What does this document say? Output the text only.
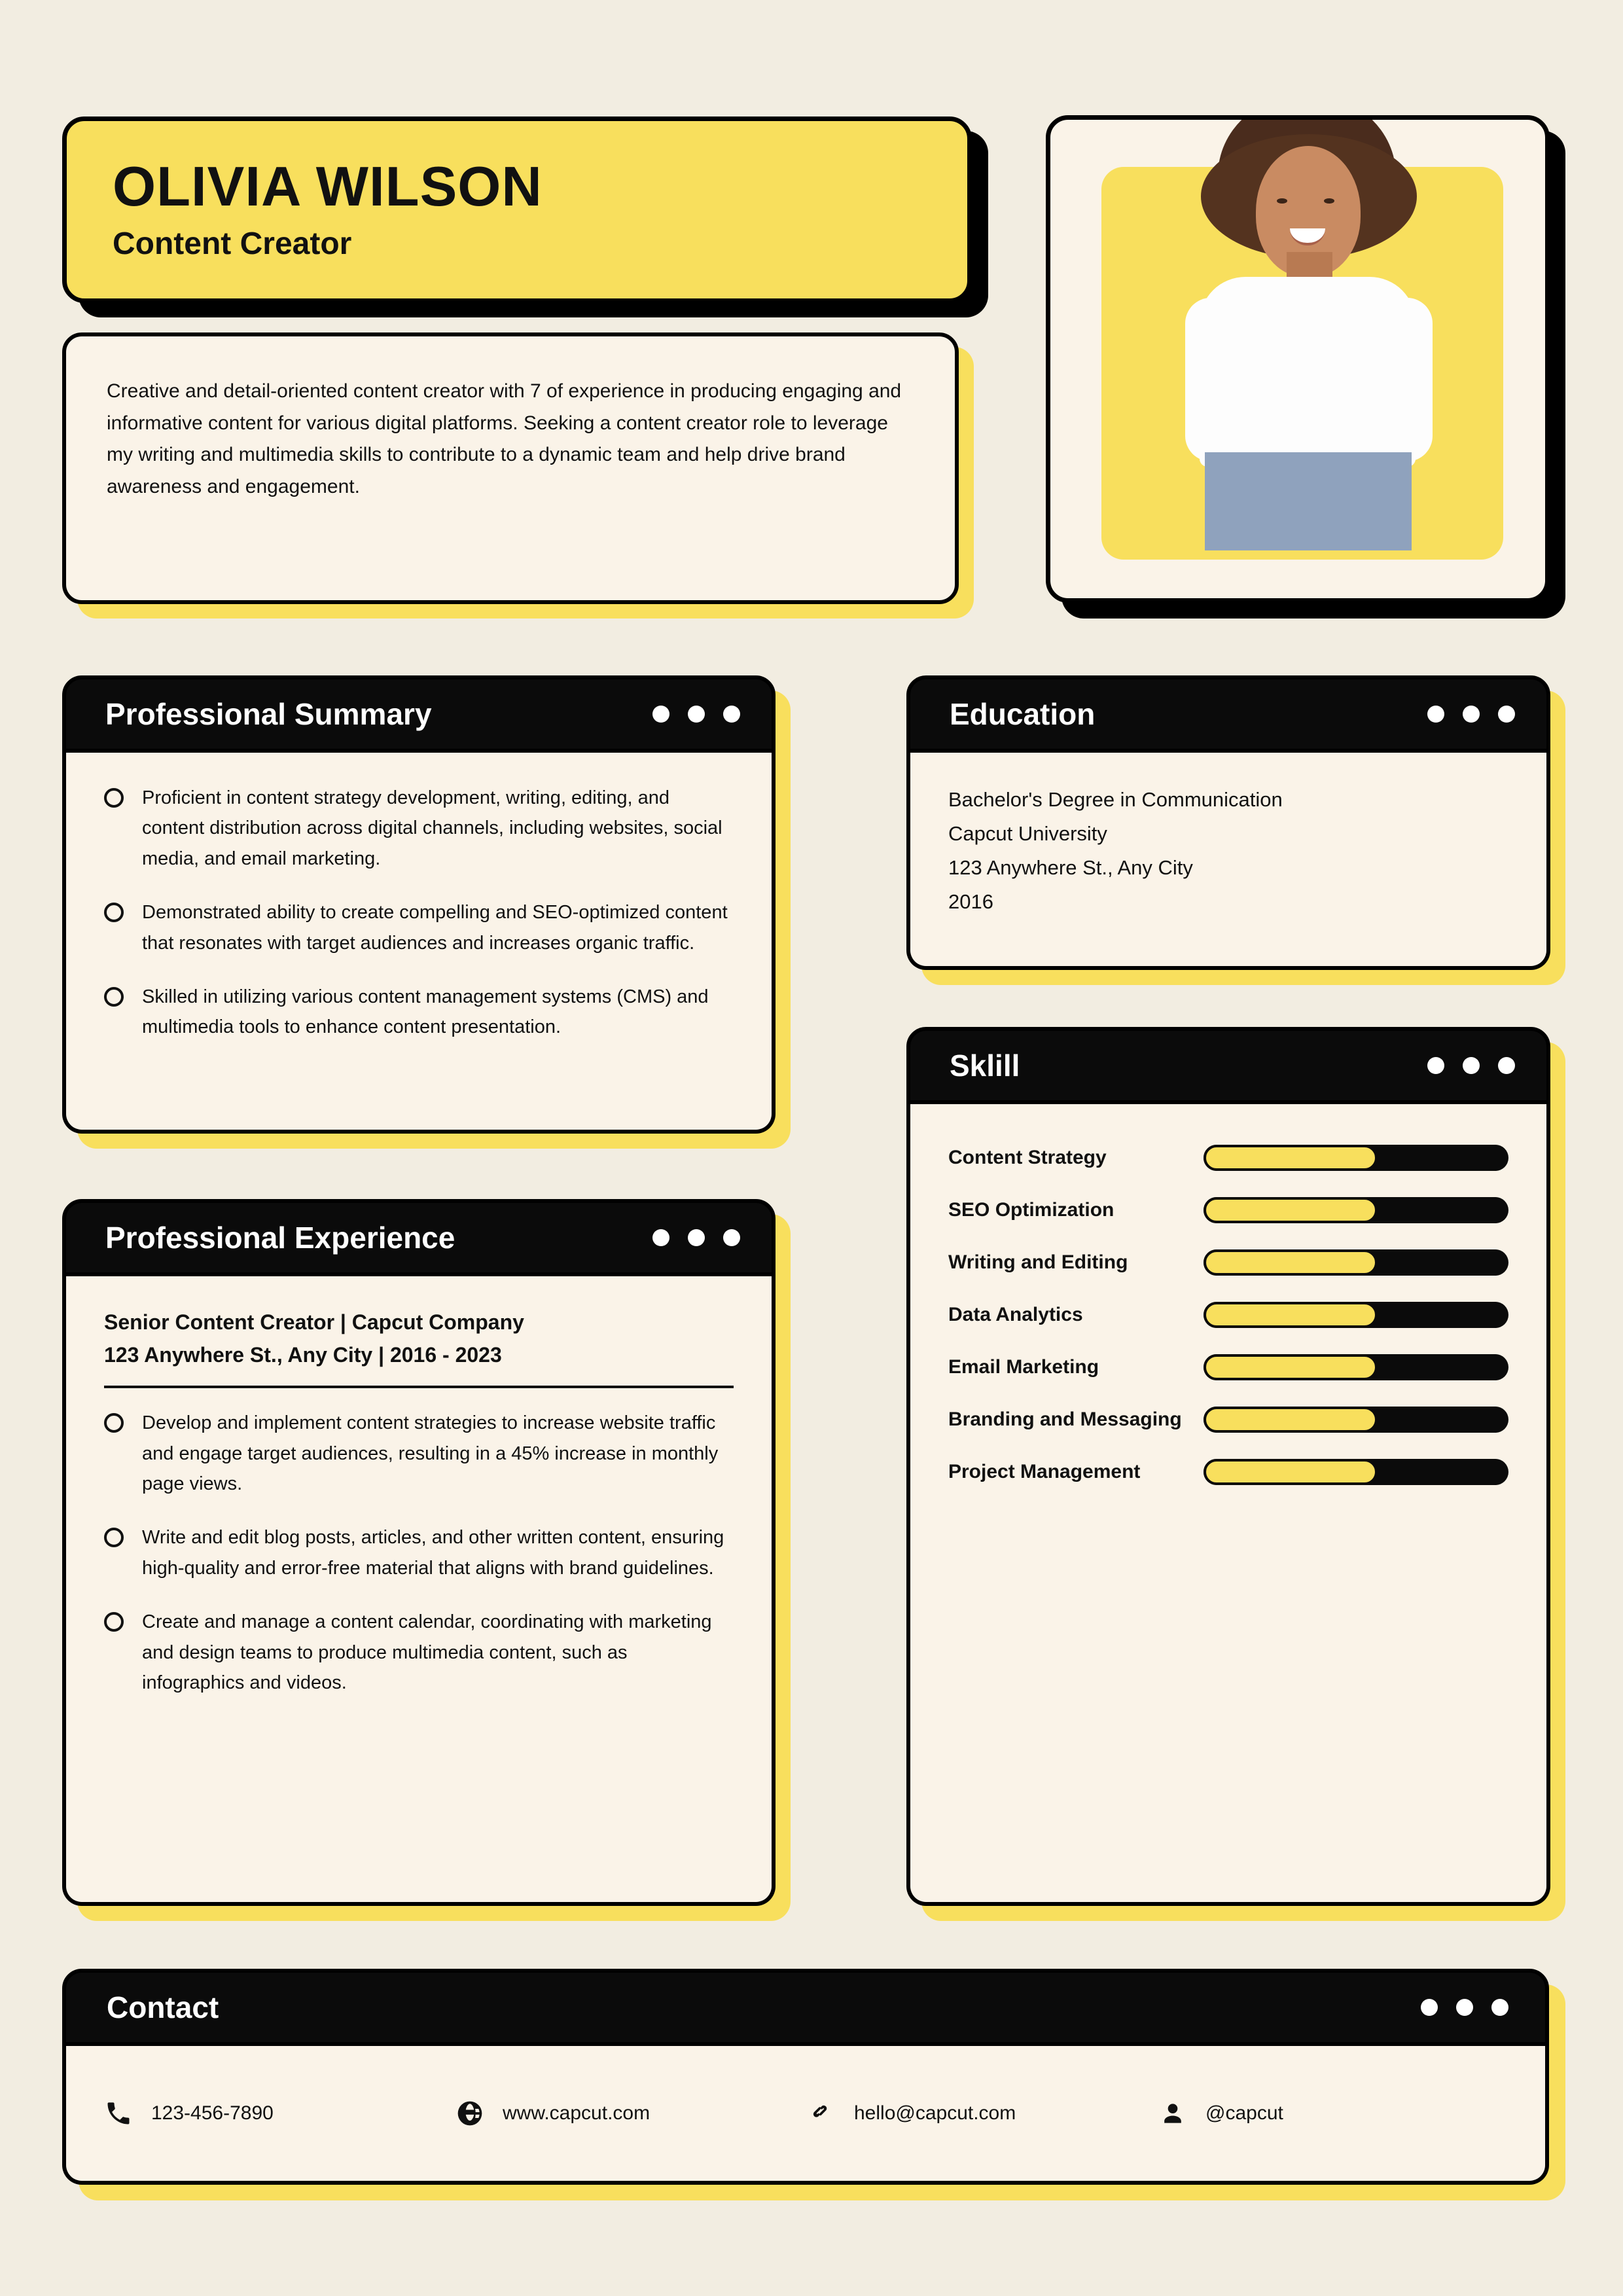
OLIVIA WILSON
Content Creator
Creative and detail-oriented content creator with 7 of experience in producing engaging and informative content for various digital platforms. Seeking a content creator role to leverage my writing and multimedia skills to contribute to a dynamic team and help drive brand awareness and engagement.
Professional Summary
Proficient in content strategy development, writing, editing, and content distribution across digital channels, including websites, social media, and email marketing.
Demonstrated ability to create compelling and SEO-optimized content that resonates with target audiences and increases organic traffic.
Skilled in utilizing various content management systems (CMS) and multimedia tools to enhance content presentation.
Professional Experience
Senior Content Creator | Capcut Company
123 Anywhere St., Any City | 2016 - 2023
Develop and implement content strategies to increase website traffic and engage target audiences, resulting in a 45% increase in monthly page views.
Write and edit blog posts, articles, and other written content, ensuring high-quality and error-free material that aligns with brand guidelines.
Create and manage a content calendar, coordinating with marketing and design teams to produce multimedia content, such as infographics and videos.
Education
Bachelor's Degree in Communication
Capcut University
123 Anywhere St., Any City
2016
Sklill
Content Strategy
SEO Optimization
Writing and Editing
Data Analytics
Email Marketing
Branding and Messaging
Project Management
Contact
123-456-7890	www.capcut.com	hello@capcut.com	@capcut
